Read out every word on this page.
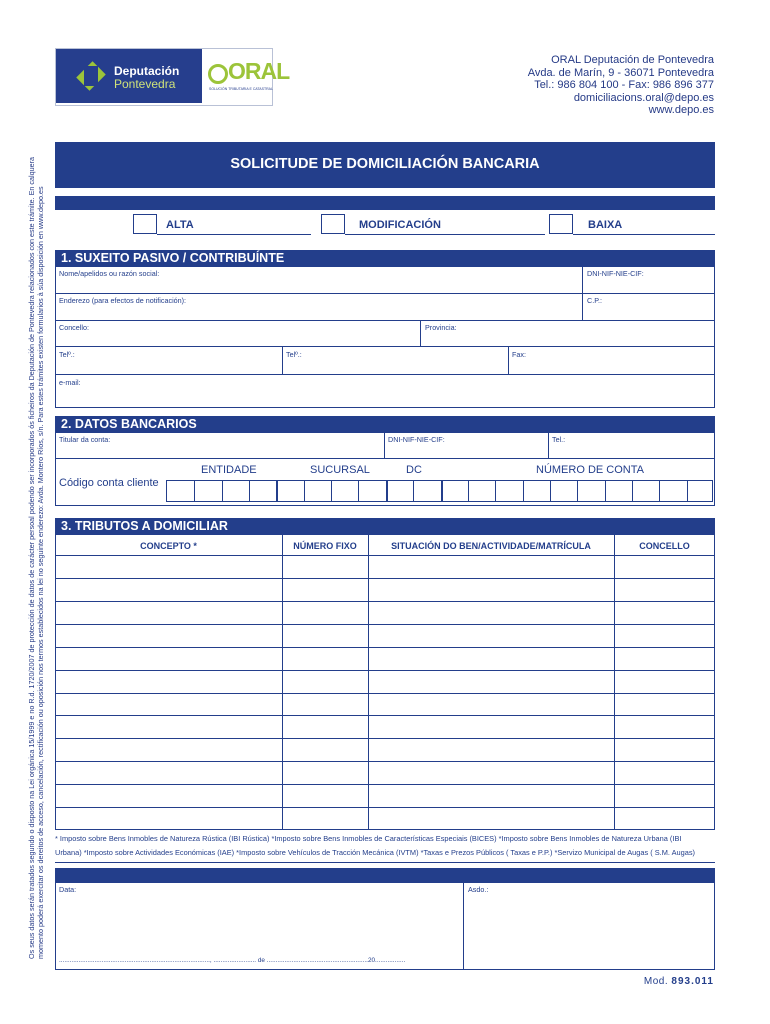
Deputación
Pontevedra ORAL
SOLUCIÓN TRIBUTARIA E CATASTRAL
ORAL Deputación de Pontevedra
Avda. de Marín, 9 - 36071 Pontevedra
Tel.: 986 804 100 - Fax: 986 896 377
domiciliacions.oral@depo.es
www.depo.es
Os seus datos serán tratados segundo o disposto na Lei orgánica 15/1999 e no R.d. 1720/2007 de protección de datos de carácter persoal podendo ser incorporados ós ficheiros da Deputación de Pontevedra relacionados con este trámite. En calquera momento poderá exercitar os dereitos de acceso, cancelación, rectificación ou oposición nos termos establecidos na lei no seguinte enderezo: Avda. Montero Ríos, s/n. Para estes trámites existen formularios à súa disposición en www.depo.es
SOLICITUDE DE DOMICILIACIÓN BANCARIA
ALTA	MODIFICACIÓN	BAIXA
1. SUXEITO PASIVO / CONTRIBUÍNTE
Nome/apelidos ou razón social:	DNI-NIF-NIE-CIF:
Enderezo (para efectos de notificación):	C.P.:
Concello:	Provincia:
Telº.:	Telº.:	Fax:
e-mail:
2. DATOS BANCARIOS
Titular da conta:	DNI-NIF-NIE-CIF:	Tel.:
Código conta cliente
ENTIDADE	SUCURSAL	DC	NÚMERO DE CONTA
3. TRIBUTOS A DOMICILIAR
CONCEPTO *	NÚMERO FIXO	SITUACIÓN DO BEN/ACTIVIDADE/MATRÍCULA	CONCELLO
* Imposto sobre Bens Inmobles de Natureza Rústica (IBI Rústica) *Imposto sobre Bens Inmobles de Características Especiais (BICES) *Imposto sobre Bens Inmobles de Natureza Urbana (IBI
Urbana) *Imposto sobre Actividades Económicas (IAE) *Imposto sobre Vehículos de Tracción Mecánica (IVTM) *Taxas e Prezos Públicos ( Taxas e P.P.) *Servizo Municipal de Augas ( S.M. Augas)
Data:	Asdo.:
....................................................................................., ........................ de .........................................................20.................
Mod. 893.011
